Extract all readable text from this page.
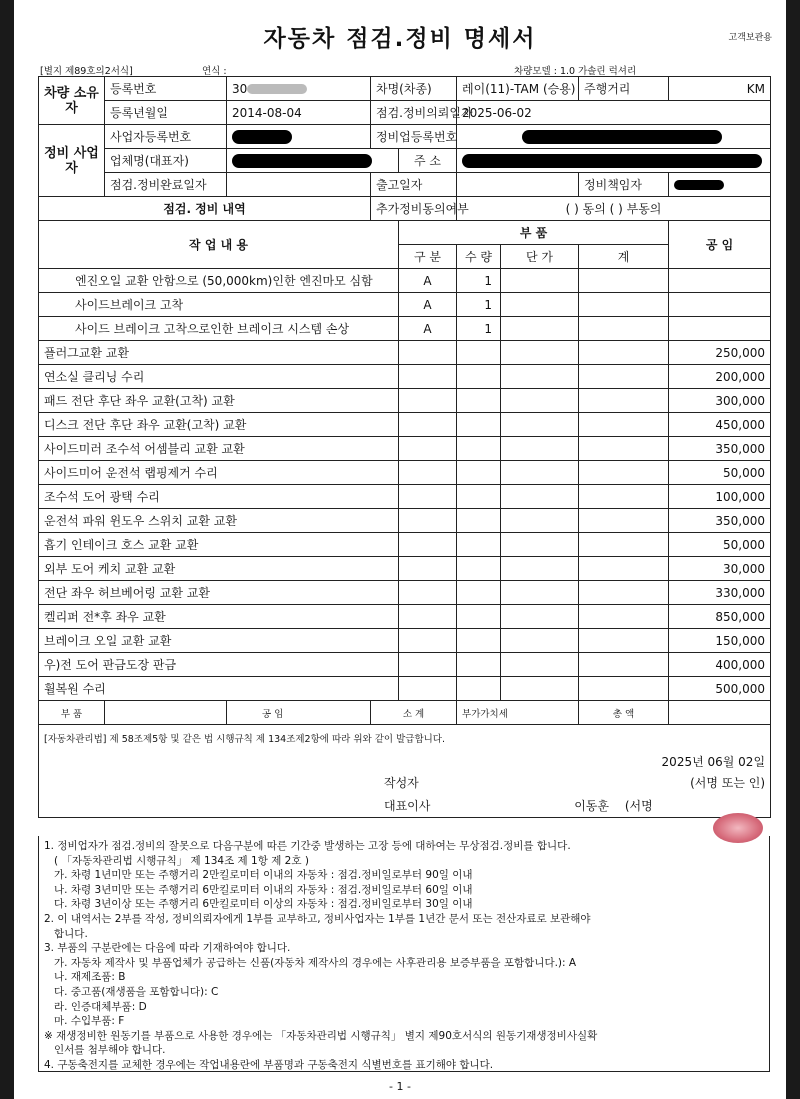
자동차 점검.정비 명세서	고객보관용
[별지 제89호의2서식]	연식 :	차량모델 : 1.0 가솔린 럭셔리
차량 소유자	등록번호	30	차명(차종)		레이(11)-TAM (승용)		주행거리	KM
	등록년월일	2014-08-04	점검.정비의뢰일자		2025-06-02			

정비 사업자	사업자등록번호		정비업등록번호					
	업체명(대표자)			주 소				
	점검.정비완료일자		출고일자				정비책임자	
점검. 정비 내역			추가정비동의여부		( ) 동의 ( ) 부동의			
작 업 내 용				부 품				공 임
				구 분	수 량	단 가	계	
엔진오일 교환 안함으로 (50,000km)인한 엔진마모 심함				A	1			
사이드브레이크 고착				A	1			
사이드 브레이크 고착으로인한 브레이크 시스템 손상				A	1			
플러그교환 교환								250,000
연소실 클리닝 수리								200,000
패드 전단 후단 좌우 교환(고착) 교환								300,000
디스크 전단 후단 좌우 교환(고착) 교환								450,000
사이드미러 조수석 어셈블리 교환 교환								350,000
사이드미어 운전석 랩핑제거 수리								50,000
조수석 도어 광택 수리								100,000
운전석 파워 윈도우 스위치 교환 교환								350,000
흡기 인테이크 호스 교환 교환								50,000
외부 도어 케치 교환 교환								30,000
전단 좌우 허브베어링 교환 교환								330,000
켈리퍼 전*후 좌우 교환								850,000
브레이크 오일 교환 교환								150,000
우)전 도어 판금도장 판금								400,000
휠복원 수리								500,000
부 품		공 임	소 계		부가가치세		총 액	
[자동차관리법] 제 58조제5항 및 같은 법 시행규칙 제 134조제2항에 따라 위와 같이 발급합니다.								
2025년 06월 02일								
작성자 (서명 또는 인)								

대표이사 이동훈 (서명								
1. 정비업자가 점검.정비의 잘못으로 다음구분에 따른 기간중 발생하는 고장 등에 대하여는 무상점검.정비를 합니다.
( 「자동차관리법 시행규칙」 제 134조 제 1항 제 2호 )
가. 차령 1년미만 또는 주행거리 2만킬로미터 이내의 자동차 : 점검.정비일로부터 90일 이내
나. 차령 3년미만 또는 주행거리 6만킬로미터 이내의 자동차 : 점검.정비일로부터 60일 이내
다. 차령 3년이상 또는 주행거리 6만킬로미터 이상의 자동차 : 점검.정비일로부터 30일 이내
2. 이 내역서는 2부를 작성, 정비의뢰자에게 1부를 교부하고, 정비사업자는 1부를 1년간 문서 또는 전산자료로 보관해야
합니다.
3. 부품의 구분란에는 다음에 따라 기재하여야 합니다.
가. 자동차 제작사 및 부품업체가 공급하는 신품(자동차 제작사의 경우에는 사후관리용 보증부품을 포함합니다.): A
나. 재제조품: B
다. 중고품(재생품을 포함합니다): C
라. 인증대체부품: D
마. 수입부품: F
※ 재생정비한 원동기를 부품으로 사용한 경우에는 「자동차관리법 시행규칙」 별지 제90호서식의 원동기재생정비사실확
인서를 첨부해야 합니다.
4. 구동축전지를 교체한 경우에는 작업내용란에 부품명과 구동축전지 식별번호를 표기해야 합니다.
- 1 -
